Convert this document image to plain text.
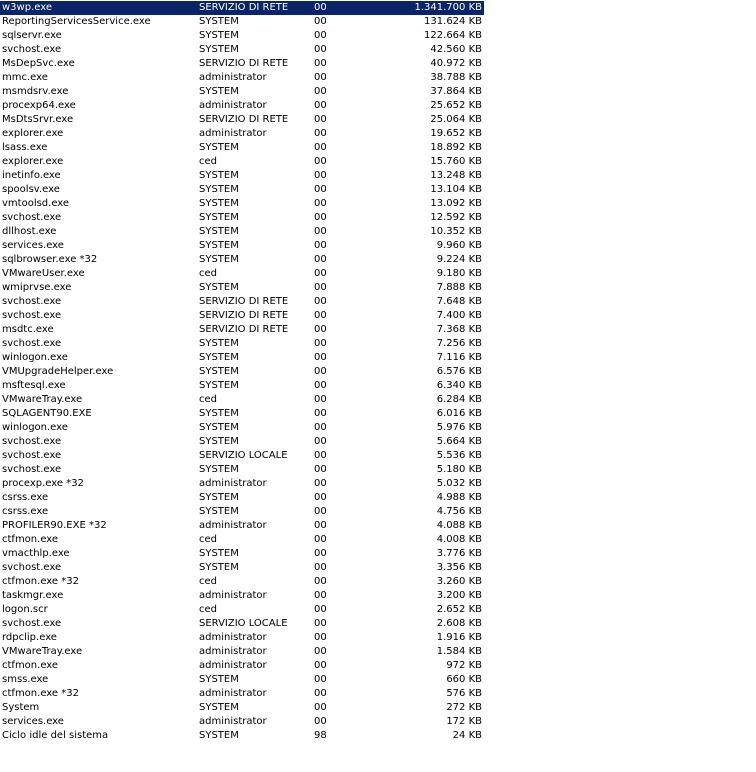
w3wp.exe	SERVIZIO DI RETE	00	1.341.700 KB
ReportingServicesService.exe	SYSTEM	00	131.624 KB
sqlservr.exe	SYSTEM	00	122.664 KB
svchost.exe	SYSTEM	00	42.560 KB
MsDepSvc.exe	SERVIZIO DI RETE	00	40.972 KB
mmc.exe	administrator	00	38.788 KB
msmdsrv.exe	SYSTEM	00	37.864 KB
procexp64.exe	administrator	00	25.652 KB
MsDtsSrvr.exe	SERVIZIO DI RETE	00	25.064 KB
explorer.exe	administrator	00	19.652 KB
lsass.exe	SYSTEM	00	18.892 KB
explorer.exe	ced	00	15.760 KB
inetinfo.exe	SYSTEM	00	13.248 KB
spoolsv.exe	SYSTEM	00	13.104 KB
vmtoolsd.exe	SYSTEM	00	13.092 KB
svchost.exe	SYSTEM	00	12.592 KB
dllhost.exe	SYSTEM	00	10.352 KB
services.exe	SYSTEM	00	9.960 KB
sqlbrowser.exe *32	SYSTEM	00	9.224 KB
VMwareUser.exe	ced	00	9.180 KB
wmiprvse.exe	SYSTEM	00	7.888 KB
svchost.exe	SERVIZIO DI RETE	00	7.648 KB
svchost.exe	SERVIZIO DI RETE	00	7.400 KB
msdtc.exe	SERVIZIO DI RETE	00	7.368 KB
svchost.exe	SYSTEM	00	7.256 KB
winlogon.exe	SYSTEM	00	7.116 KB
VMUpgradeHelper.exe	SYSTEM	00	6.576 KB
msftesql.exe	SYSTEM	00	6.340 KB
VMwareTray.exe	ced	00	6.284 KB
SQLAGENT90.EXE	SYSTEM	00	6.016 KB
winlogon.exe	SYSTEM	00	5.976 KB
svchost.exe	SYSTEM	00	5.664 KB
svchost.exe	SERVIZIO LOCALE	00	5.536 KB
svchost.exe	SYSTEM	00	5.180 KB
procexp.exe *32	administrator	00	5.032 KB
csrss.exe	SYSTEM	00	4.988 KB
csrss.exe	SYSTEM	00	4.756 KB
PROFILER90.EXE *32	administrator	00	4.088 KB
ctfmon.exe	ced	00	4.008 KB
vmacthlp.exe	SYSTEM	00	3.776 KB
svchost.exe	SYSTEM	00	3.356 KB
ctfmon.exe *32	ced	00	3.260 KB
taskmgr.exe	administrator	00	3.200 KB
logon.scr	ced	00	2.652 KB
svchost.exe	SERVIZIO LOCALE	00	2.608 KB
rdpclip.exe	administrator	00	1.916 KB
VMwareTray.exe	administrator	00	1.584 KB
ctfmon.exe	administrator	00	972 KB
smss.exe	SYSTEM	00	660 KB
ctfmon.exe *32	administrator	00	576 KB
System	SYSTEM	00	272 KB
services.exe	administrator	00	172 KB
Ciclo idle del sistema	SYSTEM	98	24 KB
